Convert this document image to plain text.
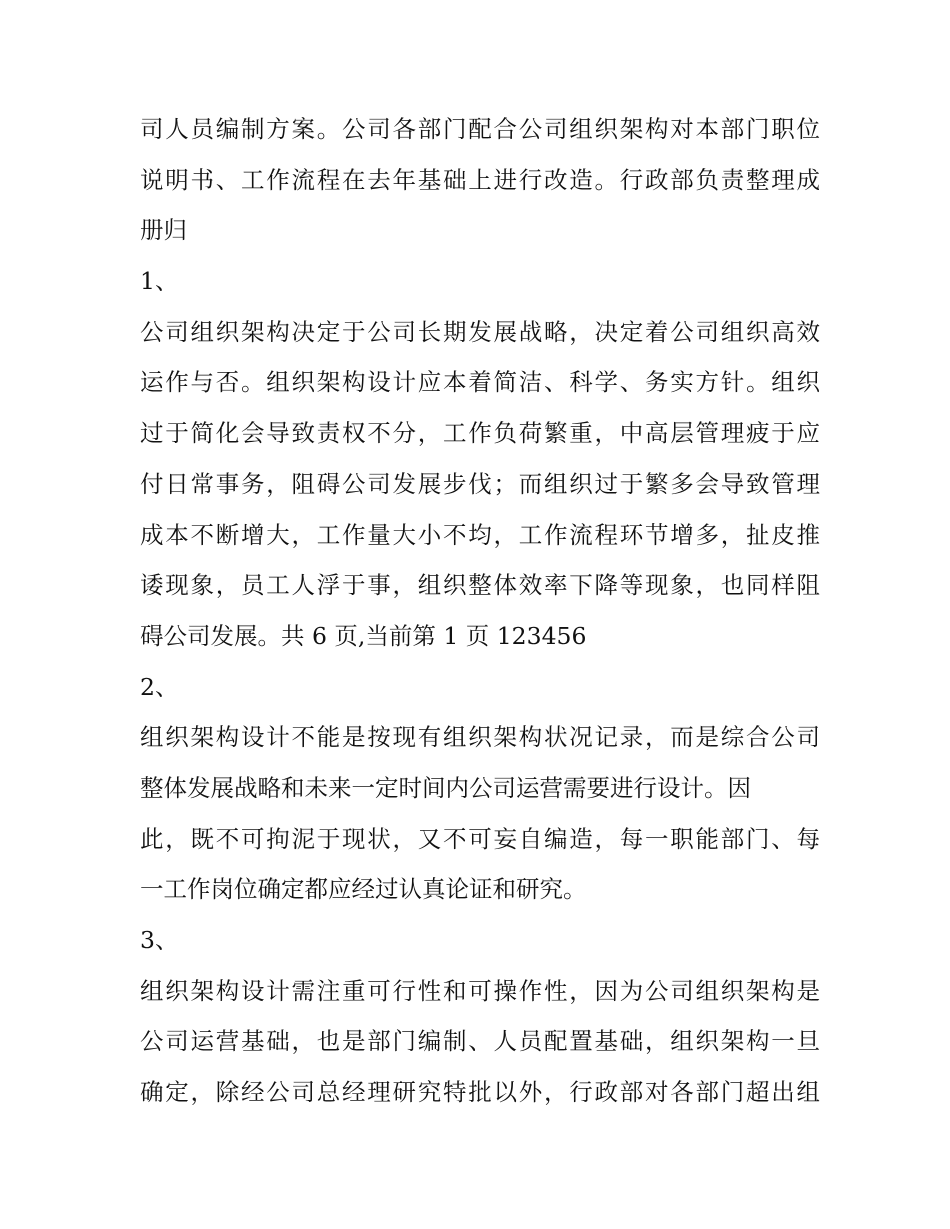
司人员编制方案。公司各部门配合公司组织架构对本部门职位
说明书、工作流程在去年基础上进行改造。行政部负责整理成
册归
1、
公司组织架构决定于公司长期发展战略，决定着公司组织高效
运作与否。组织架构设计应本着简洁、科学、务实方针。组织
过于简化会导致责权不分，工作负荷繁重，中高层管理疲于应
付日常事务，阻碍公司发展步伐；而组织过于繁多会导致管理
成本不断增大，工作量大小不均，工作流程环节增多，扯皮推
诿现象，员工人浮于事，组织整体效率下降等现象，也同样阻
碍公司发展。共 6 页,当前第 1 页 123456
2、
组织架构设计不能是按现有组织架构状况记录，而是综合公司
整体发展战略和未来一定时间内公司运营需要进行设计。因
此，既不可拘泥于现状，又不可妄自编造，每一职能部门、每
一工作岗位确定都应经过认真论证和研究。
3、
组织架构设计需注重可行性和可操作性，因为公司组织架构是
公司运营基础，也是部门编制、人员配置基础，组织架构一旦
确定，除经公司总经理研究特批以外，行政部对各部门超出组
